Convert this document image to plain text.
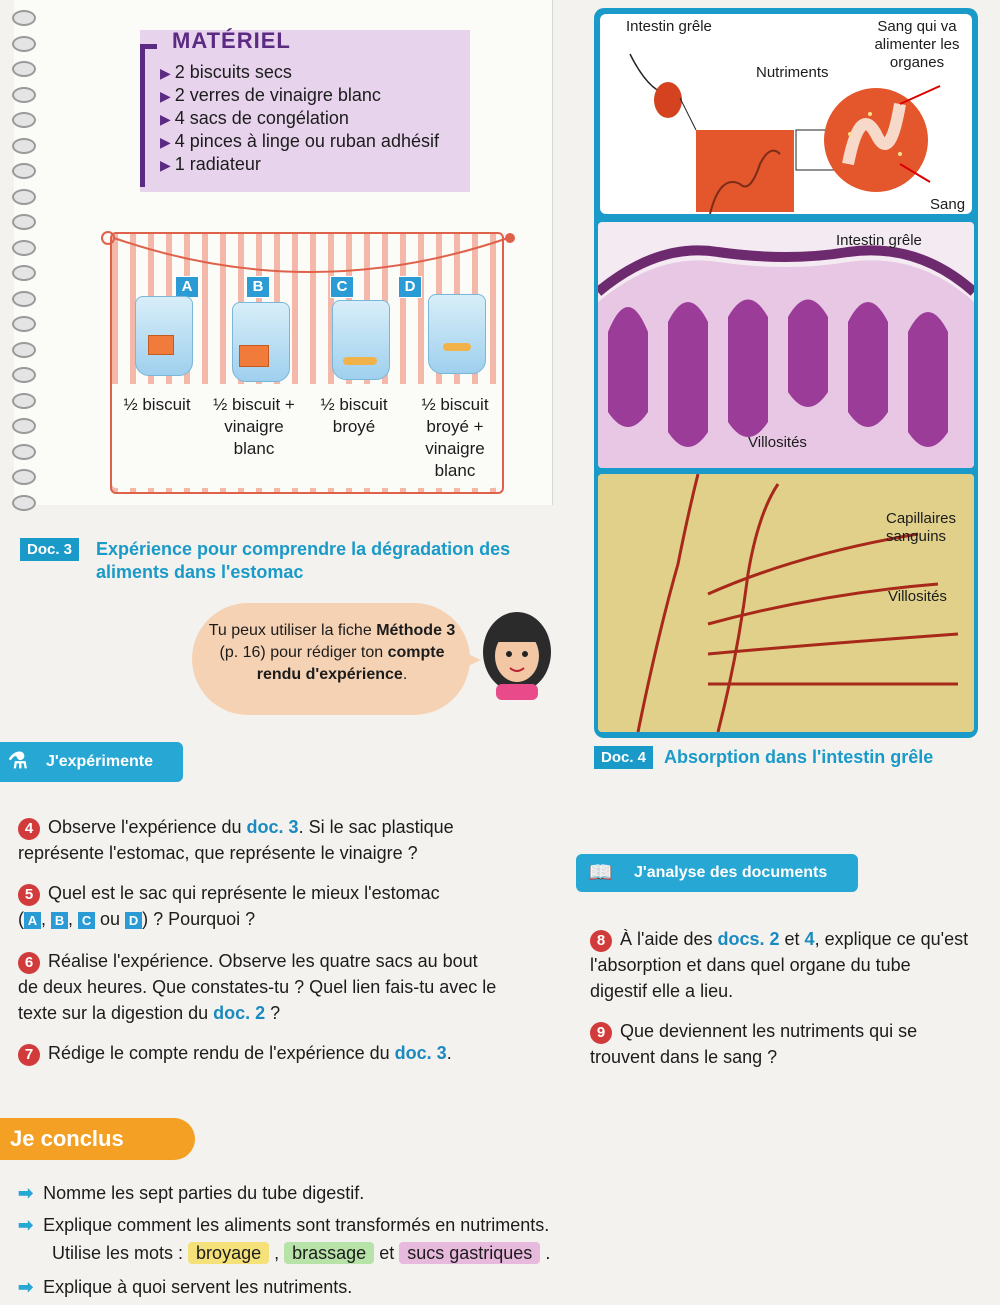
MATÉRIEL
▶ 2 biscuits secs
▶ 2 verres de vinaigre blanc
▶ 4 sacs de congélation
▶ 4 pinces à linge ou ruban adhésif
▶ 1 radiateur
A	B	C	D
½ biscuit	½ biscuit + vinaigre blanc
½ biscuit broyé
½ biscuit broyé + vinaigre blanc
Doc. 3	Expérience pour comprendre la dégradation des aliments dans l'estomac
Tu peux utiliser la fiche Méthode 3 (p. 16) pour rédiger ton compte rendu d'expérience.
⚗ J'expérimente
4 Observe l'expérience du doc. 3. Si le sac plastique représente l'estomac, que représente le vinaigre ?
5 Quel est le sac qui représente le mieux l'estomac
( A , B , C ou D ) ? Pourquoi ?
6 Réalise l'expérience. Observe les quatre sacs au bout de deux heures. Que constates-tu ? Quel lien fais-tu avec le texte sur la digestion du doc. 2 ?
7 Rédige le compte rendu de l'expérience du doc. 3.
Je conclus
➡ Nomme les sept parties du tube digestif.
➡ Explique comment les aliments sont transformés en nutriments.
Utilise les mots : broyage , brassage et sucs gastriques .
➡ Explique à quoi servent les nutriments.
Intestin grêle
Nutriments
Sang qui va alimenter les organes
Sang
Intestin grêle
Villosités
Capillaires sanguins
Villosités
Doc. 4 Absorption dans l'intestin grêle
📖 J'analyse des documents
8 À l'aide des docs. 2 et 4, explique ce qu'est l'absorption et dans quel organe du tube digestif elle a lieu.
9 Que deviennent les nutriments qui se trouvent dans le sang ?
